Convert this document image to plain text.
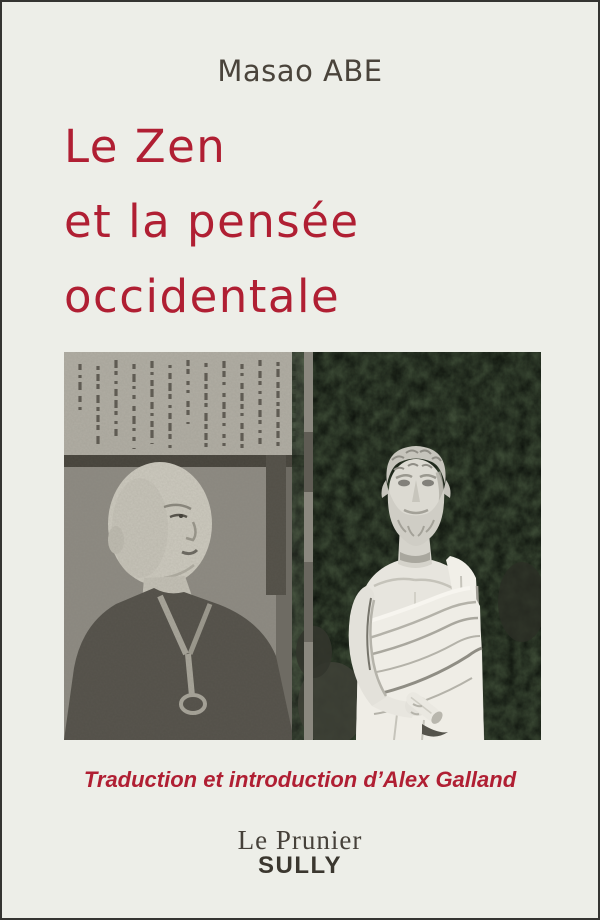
Masao ABE
Le Zen
et la pensée
occidentale
Traduction et introduction d’Alex Galland
Le Prunier
SULLY
